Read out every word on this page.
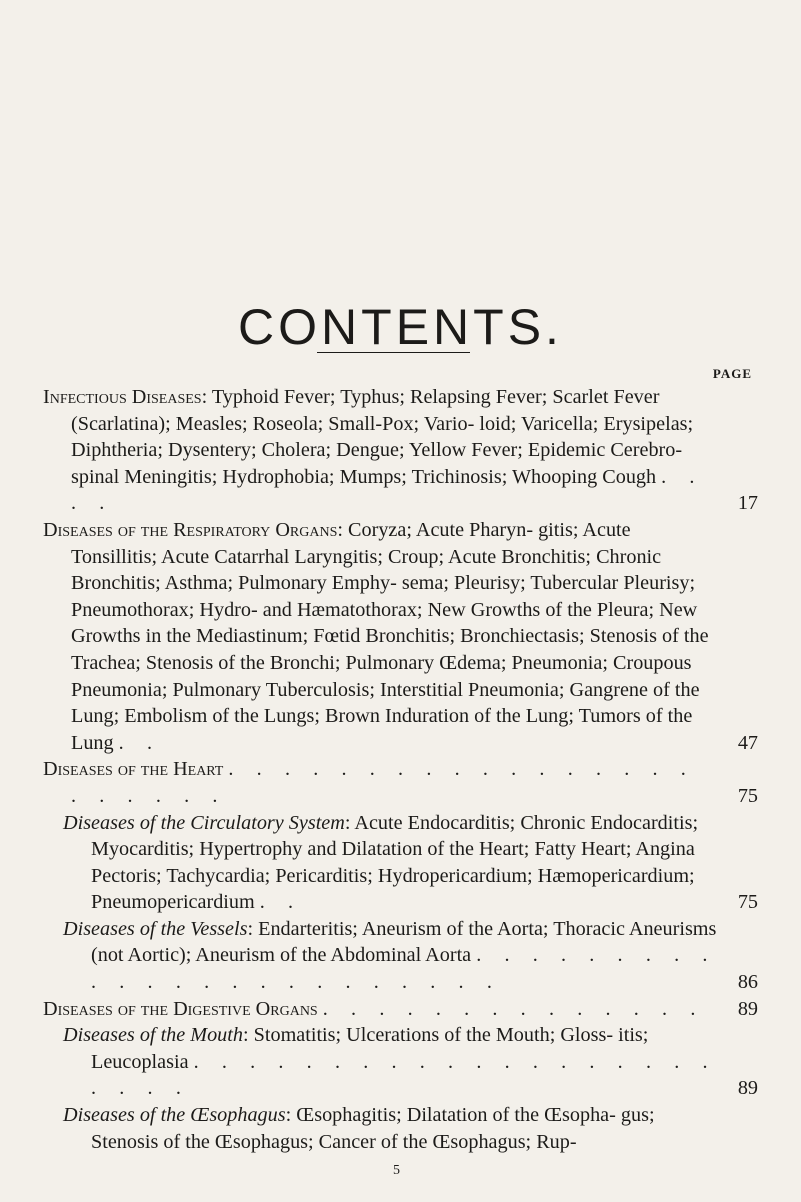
CONTENTS.
PAGE
Infectious Diseases: Typhoid Fever; Typhus; Relapsing Fever; Scarlet Fever (Scarlatina); Measles; Roseola; Small-Pox; Vario- loid; Varicella; Erysipelas; Diphtheria; Dysentery; Cholera; Dengue; Yellow Fever; Epidemic Cerebro-spinal Meningitis; Hydrophobia; Mumps; Trichinosis; Whooping Cough . . . .	17
Diseases of the Respiratory Organs: Coryza; Acute Pharyn- gitis; Acute Tonsillitis; Acute Catarrhal Laryngitis; Croup; Acute Bronchitis; Chronic Bronchitis; Asthma; Pulmonary Emphy- sema; Pleurisy; Tubercular Pleurisy; Pneumothorax; Hydro- and Hæmatothorax; New Growths of the Pleura; New Growths in the Mediastinum; Fœtid Bronchitis; Bronchiectasis; Stenosis of the Trachea; Stenosis of the Bronchi; Pulmonary Œdema; Pneumonia; Croupous Pneumonia; Pulmonary Tuberculosis; Interstitial Pneumonia; Gangrene of the Lung; Embolism of the Lungs; Brown Induration of the Lung; Tumors of the Lung . .	47
Diseases of the Heart . . . . . . . . . . . . . . . . . . . . . . .	75
Diseases of the Circulatory System: Acute Endocarditis; Chronic Endocarditis; Myocarditis; Hypertrophy and Dilatation of the Heart; Fatty Heart; Angina Pectoris; Tachycardia; Pericarditis; Hydropericardium; Hæmopericardium; Pneumopericardium . .	75
Diseases of the Vessels: Endarteritis; Aneurism of the Aorta; Thoracic Aneurisms (not Aortic); Aneurism of the Abdominal Aorta . . . . . . . . . . . . . . . . . . . . . . . .	86
Diseases of the Digestive Organs . . . . . . . . . . . . . .	89
Diseases of the Mouth: Stomatitis; Ulcerations of the Mouth; Gloss- itis; Leucoplasia . . . . . . . . . . . . . . . . . . . . . . .	89
Diseases of the Œsophagus: Œsophagitis; Dilatation of the Œsopha- gus; Stenosis of the Œsophagus; Cancer of the Œsophagus; Rup-
5
